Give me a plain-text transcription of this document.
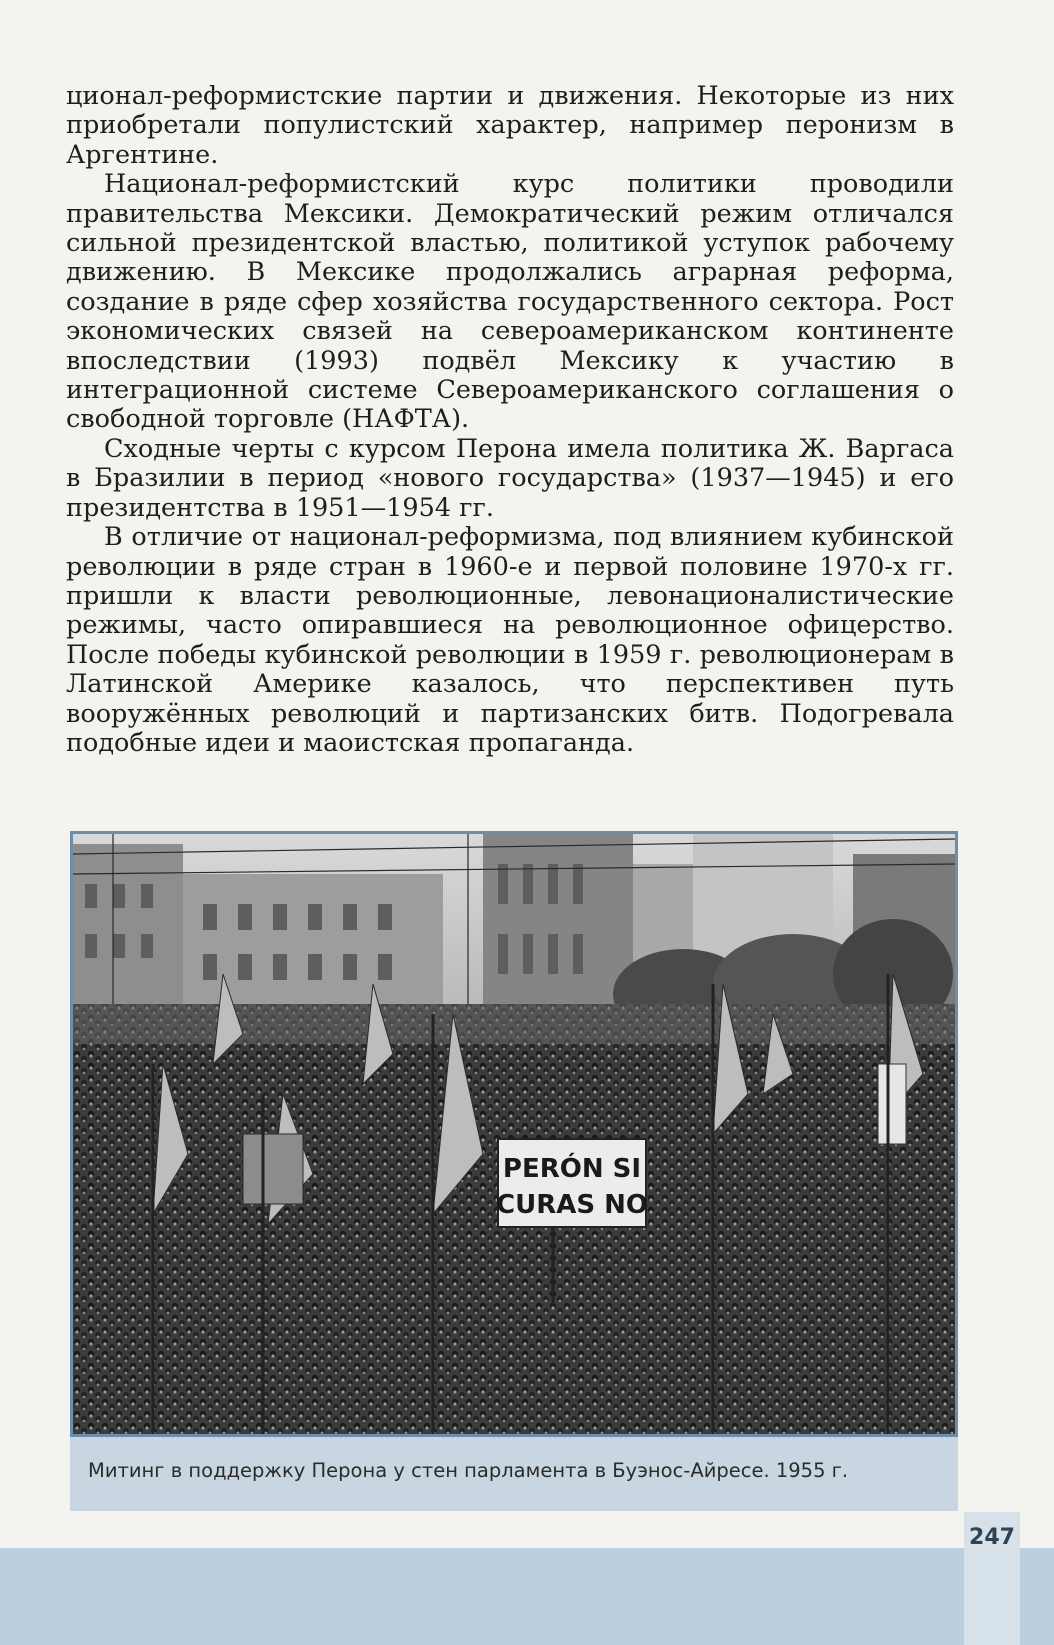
ционал-реформистские партии и движения. Некоторые из них приобретали популистский характер, например перонизм в Аргентине.

Национал-реформистский курс политики проводили правительства Мексики. Демократический режим отличался сильной президентской властью, политикой уступок рабочему движению. В Мексике продолжались аграрная реформа, создание в ряде сфер хозяйства государственного сектора. Рост экономических связей на североамериканском континенте впоследствии (1993) подвёл Мексику к участию в интеграционной системе Североамериканского соглашения о свободной торговле (НАФТА).

Сходные черты с курсом Перона имела политика Ж. Варгаса в Бразилии в период «нового государства» (1937—1945) и его президентства в 1951—1954 гг.

В отличие от национал-реформизма, под влиянием кубинской революции в ряде стран в 1960-е и первой половине 1970-х гг. пришли к власти революционные, левонационалистические режимы, часто опиравшиеся на революционное офицерство. После победы кубинской революции в 1959 г. революционерам в Латинской Америке казалось, что перспективен путь вооружённых революций и партизанских битв. Подогревала подобные идеи и маоистская пропаганда.

PERÓN SI
CURAS NO
Митинг в поддержку Перона у стен парламента в Буэнос-Айресе. 1955 г.
247
